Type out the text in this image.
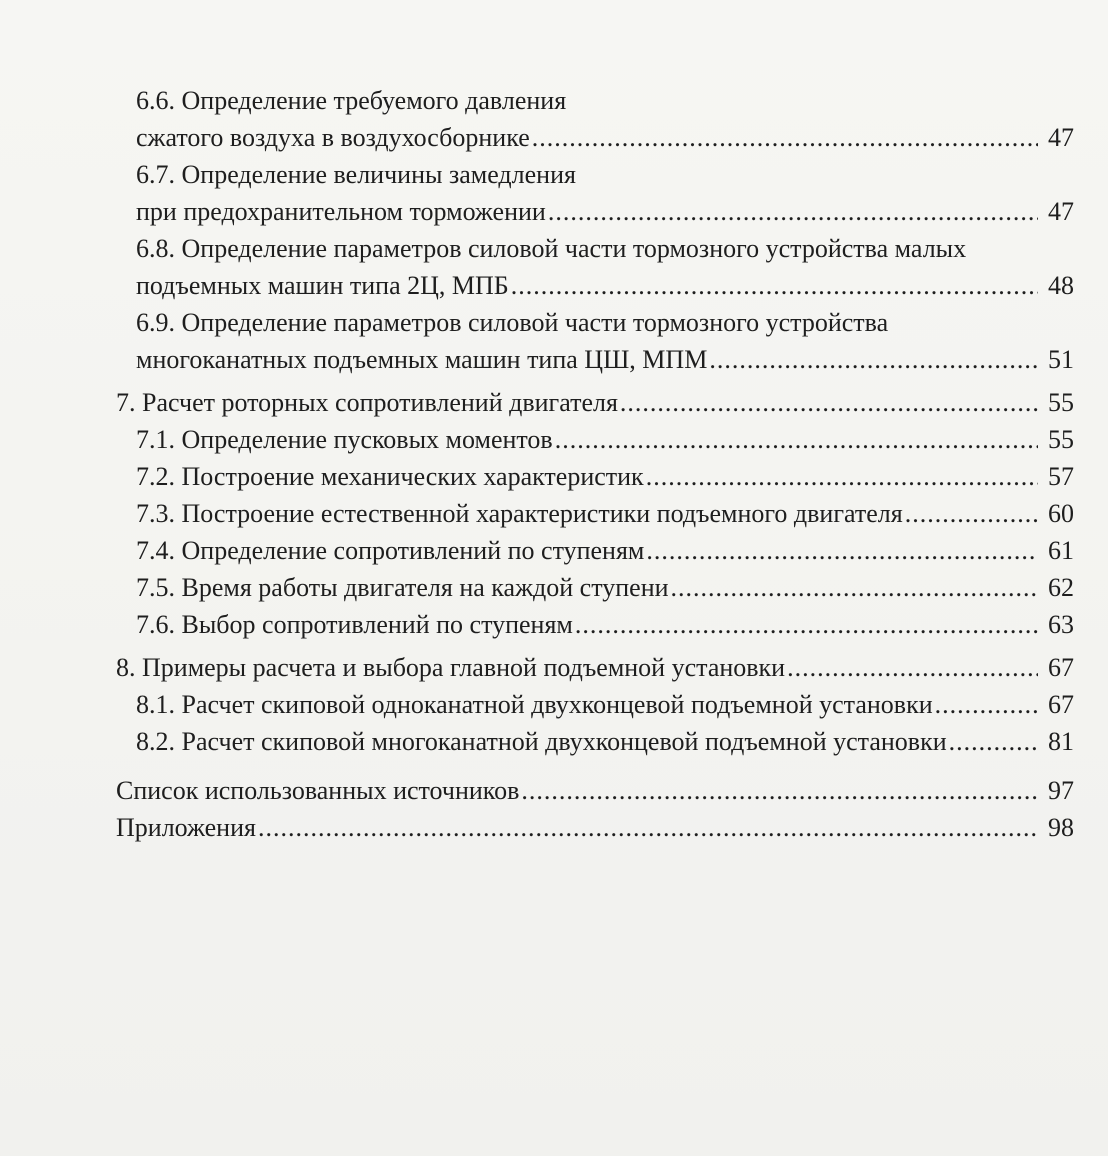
6.6. Определение требуемого давления
сжатого воздуха в воздухосборнике .....	47
6.7. Определение величины замедления
при предохранительном торможении .....	47
6.8. Определение параметров силовой части тормозного устройства малых
подъемных машин типа 2Ц, МПБ .....	48
6.9. Определение параметров силовой части тормозного устройства
многоканатных подъемных машин типа ЦШ, МПМ .....	51
7. Расчет роторных сопротивлений двигателя .....	55
7.1. Определение пусковых моментов .....	55
7.2. Построение механических характеристик .....	57
7.3. Построение естественной характеристики подъемного двигателя .....	60
7.4. Определение сопротивлений по ступеням .....	61
7.5. Время работы двигателя на каждой ступени .....	62
7.6. Выбор сопротивлений по ступеням .....	63
8. Примеры расчета и выбора главной подъемной установки .....	67
8.1. Расчет скиповой одноканатной двухконцевой подъемной установки .....	67
8.2. Расчет скиповой многоканатной двухконцевой подъемной установки .....	81
Список использованных источников .....	97
Приложения .....	98
